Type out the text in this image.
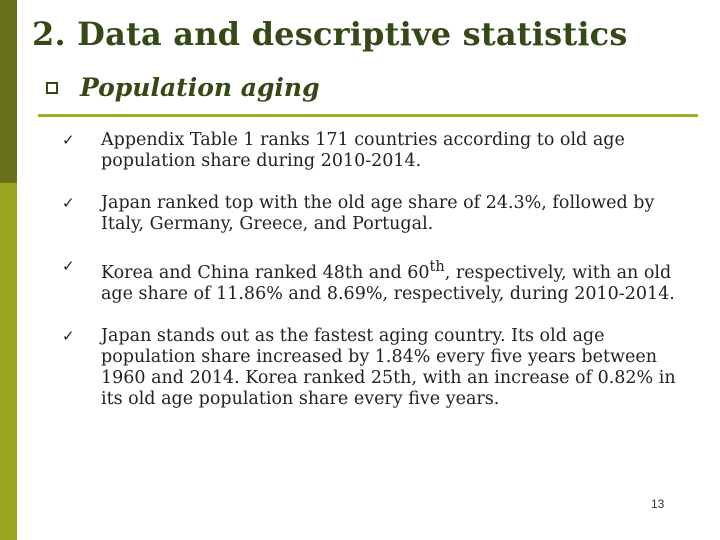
2. Data and descriptive statistics
Population aging
✓ Appendix Table 1 ranks 171 countries according to old age population share during 2010-2014.
✓ Japan ranked top with the old age share of 24.3%, followed by Italy, Germany, Greece, and Portugal.
✓ Korea and China ranked 48th and 60th, respectively, with an old age share of 11.86% and 8.69%, respectively, during 2010-2014.
✓ Japan stands out as the fastest aging country. Its old age population share increased by 1.84% every five years between 1960 and 2014. Korea ranked 25th, with an increase of 0.82% in its old age population share every five years.
13
